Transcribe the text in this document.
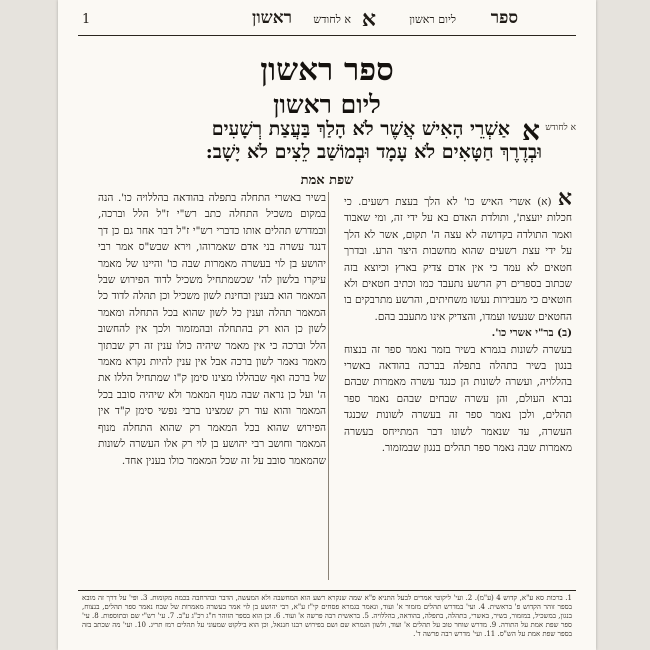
1	ספר
ליום ראשון
א
א לחודש
ראשון
ספר ראשון
ליום ראשון
א לחודש
א
אַשְׁרֵי הָאִישׁ אֲשֶׁר לֹא הָלַךְ בַּעֲצַת רְשָׁעִים
וּבְדֶרֶךְ חַטָּאִים לֹא עָמָד וּבְמוֹשַׁב לֵצִים לֹא יָשָׁב:
שפת אמת
א (א) אשרי האיש כו' לא הלך בעצת רשעים. כי חכלות יועצת', ותולדת האדם בא על ידי זה, ומי שאבוד ואמר התולדה בקדושה לא עצה ה' תקום, אשר לא הלך על ידי עצת רשעים שהוא מחשבות היצר הרע. ובדרך חטאים לא עמד כי אין אדם צדיק בארץ וכיוצא בזה שכתוב בספרים רק הרשע נתעבד כמו וכתיב חטאים ולא חוטאים כי מעבירות נעשו משחיתים, והרשע מתרבקים בו החטאים שנעשו ועמדו, והצדיק אינו מתעבב בהם.
(ב) בר"י אשרי כו'.
בעשרה לשונות בגמרא בשיר בזמר נאמר ספר זה בנצוח בנגון בשיר בתהלה בתפלה בברכה בהודאה באשרי בהללויה, ועשרה לשונות הן כנגד עשרה מאמרות שבהם נברא העולם, והן עשרה שבחים שבהם נאמר ספר תהלים, ולכן נאמר ספר זה בעשרה לשונות שכנגד העשרה, עד שנאמר לשונו דבר המתייחס בעשרה מאמרות שבה נאמר ספר תהלים בנגון שבמזמור.
בשיר באשרי התחלה בתפלה בהודאה בהללויה כו'. הנה במקום משכיל התחלה כתב רש"י ז"ל הלל וברכה, ובמדרש תהלים אותו כדברי רש"י ז"ל דבר אחר גם כן דך דנגד עשרה בני אדם שאמרוהו, וירא שבש"ס אמר רבי יהושע בן לוי בעשרה מאמרות שבה כו' והיינו של מאמר עיקרו בלשון לה' שכשמתחיל משכיל לדוד הפירוש שבל המאמר הוא בענין ובחינת לשון משכיל וכן תהלה לדוד כל המאמר תהלה וענין כל לשון שהוא בכל התחלה ומאמר לשון כן הוא רק בהתחלה ובהמזמור ולכך אין להחשוב הלל וברכה כי אין מאמר שיהיה כולו ענין זה רק שבתוך מאמר נאמר לשון ברכה אבל אין ענין להיות נקרא מאמר של ברכה ואף שבהללו מצינו סימן ק"ו שמתחיל הללו את ה' ועל כן נראה שבה מנוף המאמר ולא שיהיה סובב בכל המאמר והוא עוד רק שמצינו ברבי נפשי סימן ק"ד אין הפירוש שהוא בכל המאמר רק שהוא התחלה מנוף המאמר וחושב רבי יהושע בן לוי רק אלו העשרה לשונות שהמאמר סובב על זה שכל המאמר כולו בענין אחד.
1. ברכות סא ע"א, קדוש 4 (ע"מ). 2. ועי' ליקוטי אמרים לבעל התניא פ"א שמה שנקרא רשע הוא המחשבה ולא המעשה, הדבר ובהרחבה בכמה מקומות. 3. ופי' על דרך זה מובא בספר זוהר הקדוש פ' בראשית. 4. ועי' במדרש תהלים מזמור א' ועוד, ונאמר בגמרא פסחים קי"ז ע"א, רבי יהושע בן לוי אמר בעשרה מאמרות של שבח נאמר ספר תהלים, בנצוח, בנגון, במשכיל, במזמור, בשיר, באשרי, בתהלה, בתפלה, בהודאה, בהללויה. 5. בראשית רבה פרשה א' ועוד. 6. וכן הוא בספר הזוהר ח"ג רכ"ג ע"ב. 7. עי' רש"י שם ובתוספות. 8. עי' ספר שפת אמת על התורה. 9. מדרש שוחר טוב על תהלים א' ועוד, ולשון הגמרא שם ושם בפירוש רבנו חננאל, וכן הוא בילקוט שמעוני על תהלים רמז תריג. 10. ועי' מה שכתב בזה בספר שפת אמת על הש"ס. 11. ועי' מדרש רבה פרשה ד'.
